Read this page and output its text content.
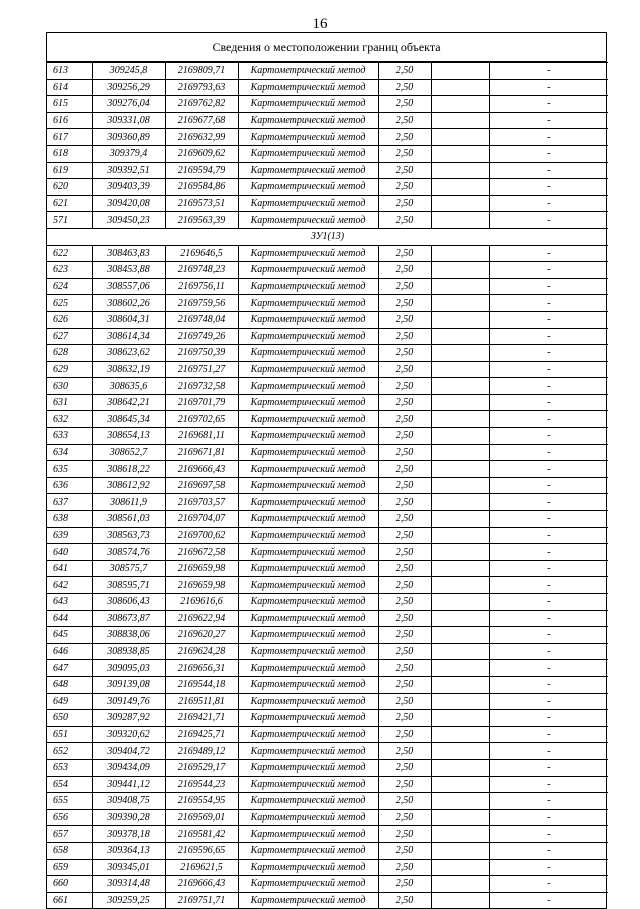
16
Сведения о местоположении границ объекта
613	309245,8	2169809,71	Картометрический метод	2,50		-
614	309256,29	2169793,63	Картометрический метод	2,50		-
615	309276,04	2169762,82	Картометрический метод	2,50		-
616	309331,08	2169677,68	Картометрический метод	2,50		-
617	309360,89	2169632,99	Картометрический метод	2,50		-
618	309379,4	2169609,62	Картометрический метод	2,50		-
619	309392,51	2169594,79	Картометрический метод	2,50		-
620	309403,39	2169584,86	Картометрический метод	2,50		-
621	309420,08	2169573,51	Картометрический метод	2,50		-
571	309450,23	2169563,39	Картометрический метод	2,50		-
ЗУ1(13)						
622	308463,83	2169646,5	Картометрический метод	2,50		-
623	308453,88	2169748,23	Картометрический метод	2,50		-
624	308557,06	2169756,11	Картометрический метод	2,50		-
625	308602,26	2169759,56	Картометрический метод	2,50		-
626	308604,31	2169748,04	Картометрический метод	2,50		-
627	308614,34	2169749,26	Картометрический метод	2,50		-
628	308623,62	2169750,39	Картометрический метод	2,50		-
629	308632,19	2169751,27	Картометрический метод	2,50		-
630	308635,6	2169732,58	Картометрический метод	2,50		-
631	308642,21	2169701,79	Картометрический метод	2,50		-
632	308645,34	2169702,65	Картометрический метод	2,50		-
633	308654,13	2169681,11	Картометрический метод	2,50		-
634	308652,7	2169671,81	Картометрический метод	2,50		-
635	308618,22	2169666,43	Картометрический метод	2,50		-
636	308612,92	2169697,58	Картометрический метод	2,50		-
637	308611,9	2169703,57	Картометрический метод	2,50		-
638	308561,03	2169704,07	Картометрический метод	2,50		-
639	308563,73	2169700,62	Картометрический метод	2,50		-
640	308574,76	2169672,58	Картометрический метод	2,50		-
641	308575,7	2169659,98	Картометрический метод	2,50		-
642	308595,71	2169659,98	Картометрический метод	2,50		-
643	308606,43	2169616,6	Картометрический метод	2,50		-
644	308673,87	2169622,94	Картометрический метод	2,50		-
645	308838,06	2169620,27	Картометрический метод	2,50		-
646	308938,85	2169624,28	Картометрический метод	2,50		-
647	309095,03	2169656,31	Картометрический метод	2,50		-
648	309139,08	2169544,18	Картометрический метод	2,50		-
649	309149,76	2169511,81	Картометрический метод	2,50		-
650	309287,92	2169421,71	Картометрический метод	2,50		-
651	309320,62	2169425,71	Картометрический метод	2,50		-
652	309404,72	2169489,12	Картометрический метод	2,50		-
653	309434,09	2169529,17	Картометрический метод	2,50		-
654	309441,12	2169544,23	Картометрический метод	2,50		-
655	309408,75	2169554,95	Картометрический метод	2,50		-
656	309390,28	2169569,01	Картометрический метод	2,50		-
657	309378,18	2169581,42	Картометрический метод	2,50		-
658	309364,13	2169596,65	Картометрический метод	2,50		-
659	309345,01	2169621,5	Картометрический метод	2,50		-
660	309314,48	2169666,43	Картометрический метод	2,50		-
661	309259,25	2169751,71	Картометрический метод	2,50		-
